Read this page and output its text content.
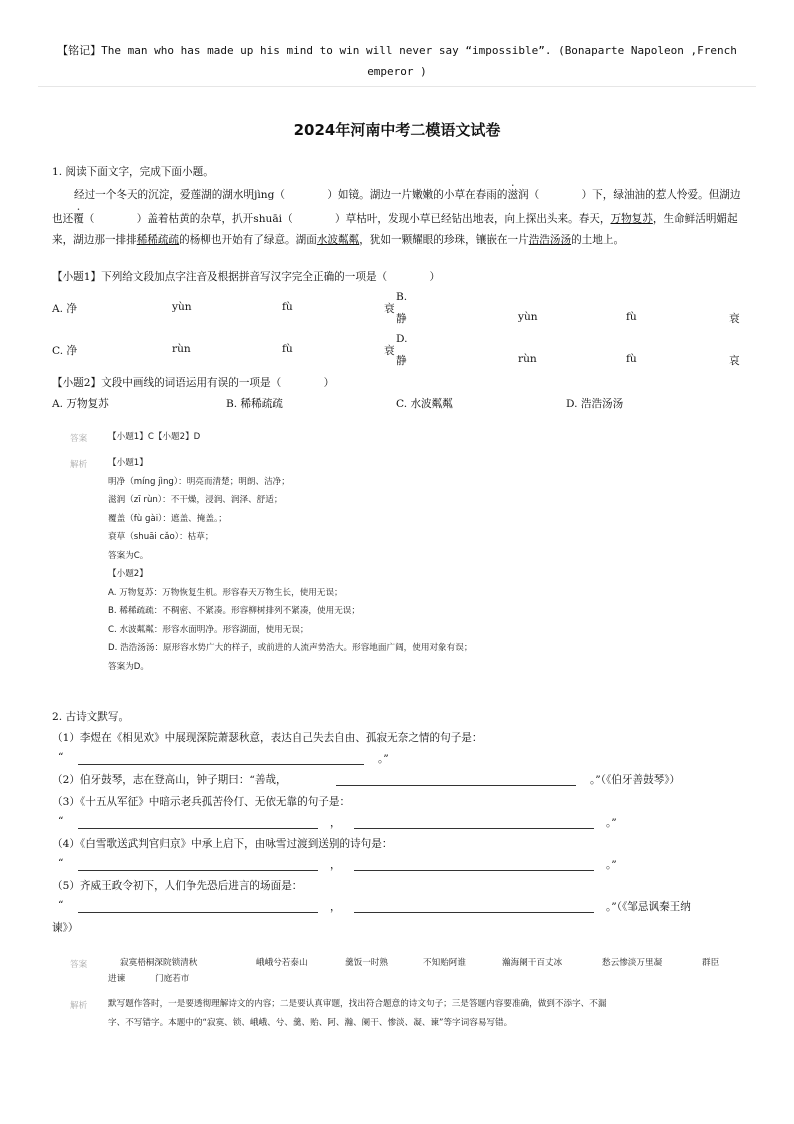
【铭记】The man who has made up his mind to win will never say “impossible”. (Bonaparte Napoleon ,French emperor )
2024年河南中考二模语文试卷
1. 阅读下面文字，完成下面小题。
经过一个冬天的沉淀，爱莲湖的湖水明jìng（　　　　）如镜。湖边一片嫩嫩的小草在春雨的滋润（　　　　）下，绿油油的惹人怜爱。但湖边也还覆（　　　　）盖着枯黄的杂草，扒开shuāi（　　　　）草枯叶，发现小草已经钻出地表，向上探出头来。春天，万物复苏，生命鲜活明媚起来，湖边那一排排稀稀疏疏的杨柳也开始有了绿意。湖面水波粼粼，犹如一颗耀眼的珍珠，镶嵌在一片浩浩汤汤的土地上。
【小题1】下列给文段加点字注音及根据拼音写汉字完全正确的一项是（　　　　）
A. 净	yùn	fù	衰
B.
静	yùn	fù	衰
C. 净	rùn	fù	衰
D.
静	rùn	fù	哀
【小题2】文段中画线的词语运用有误的一项是（　　　　）
A. 万物复苏	B. 稀稀疏疏	C. 水波粼粼	D. 浩浩汤汤
答案 【小题1】C【小题2】D
解析 【小题1】
明净（míng jìng）：明亮而清楚；明朗、洁净；
滋润（zī rùn）：不干燥，浸润、润泽、舒适；
覆盖（fù gài）：遮盖、掩盖。；
衰草（shuāi cǎo）：枯草；
答案为C。
【小题2】
A. 万物复苏：万物恢复生机。形容春天万物生长，使用无误；
B. 稀稀疏疏：不稠密、不紧凑。形容柳树排列不紧凑，使用无误；
C. 水波粼粼：形容水面明净。形容湖面，使用无误；
D. 浩浩汤汤：原形容水势广大的样子，或前进的人流声势浩大。形容地面广阔，使用对象有误；
答案为D。
2. 古诗文默写。
（1）李煜在《相见欢》中展现深院萧瑟秋意，表达自己失去自由、孤寂无奈之情的句子是：
“	。”
（2）伯牙鼓琴，志在登高山，钟子期曰：“善哉，	。”（《伯牙善鼓琴》）
（3）《十五从军征》中暗示老兵孤苦伶仃、无依无靠的句子是：
“	，	。”
（4）《白雪歌送武判官归京》中承上启下，由咏雪过渡到送别的诗句是：
“	，	。”
（5）齐威王政令初下，人们争先恐后进言的场面是：
“	，	。”（《邹忌讽秦王纳
谏》）
答案	寂寞梧桐深院锁清秋	峨峨兮若泰山	羹饭一时熟	不知贻阿谁	瀚海阑干百丈冰	愁云惨淡万里凝	群臣
进谏	门庭若市
解析 默写题作答时，一是要透彻理解诗文的内容；二是要认真审题，找出符合题意的诗文句子；三是答题内容要准确，做到不添字、不漏
字、不写错字。本题中的“寂寞、锁、峨峨、兮、羹、贻、阿、瀚、阑干、惨淡、凝、谏”等字词容易写错。
